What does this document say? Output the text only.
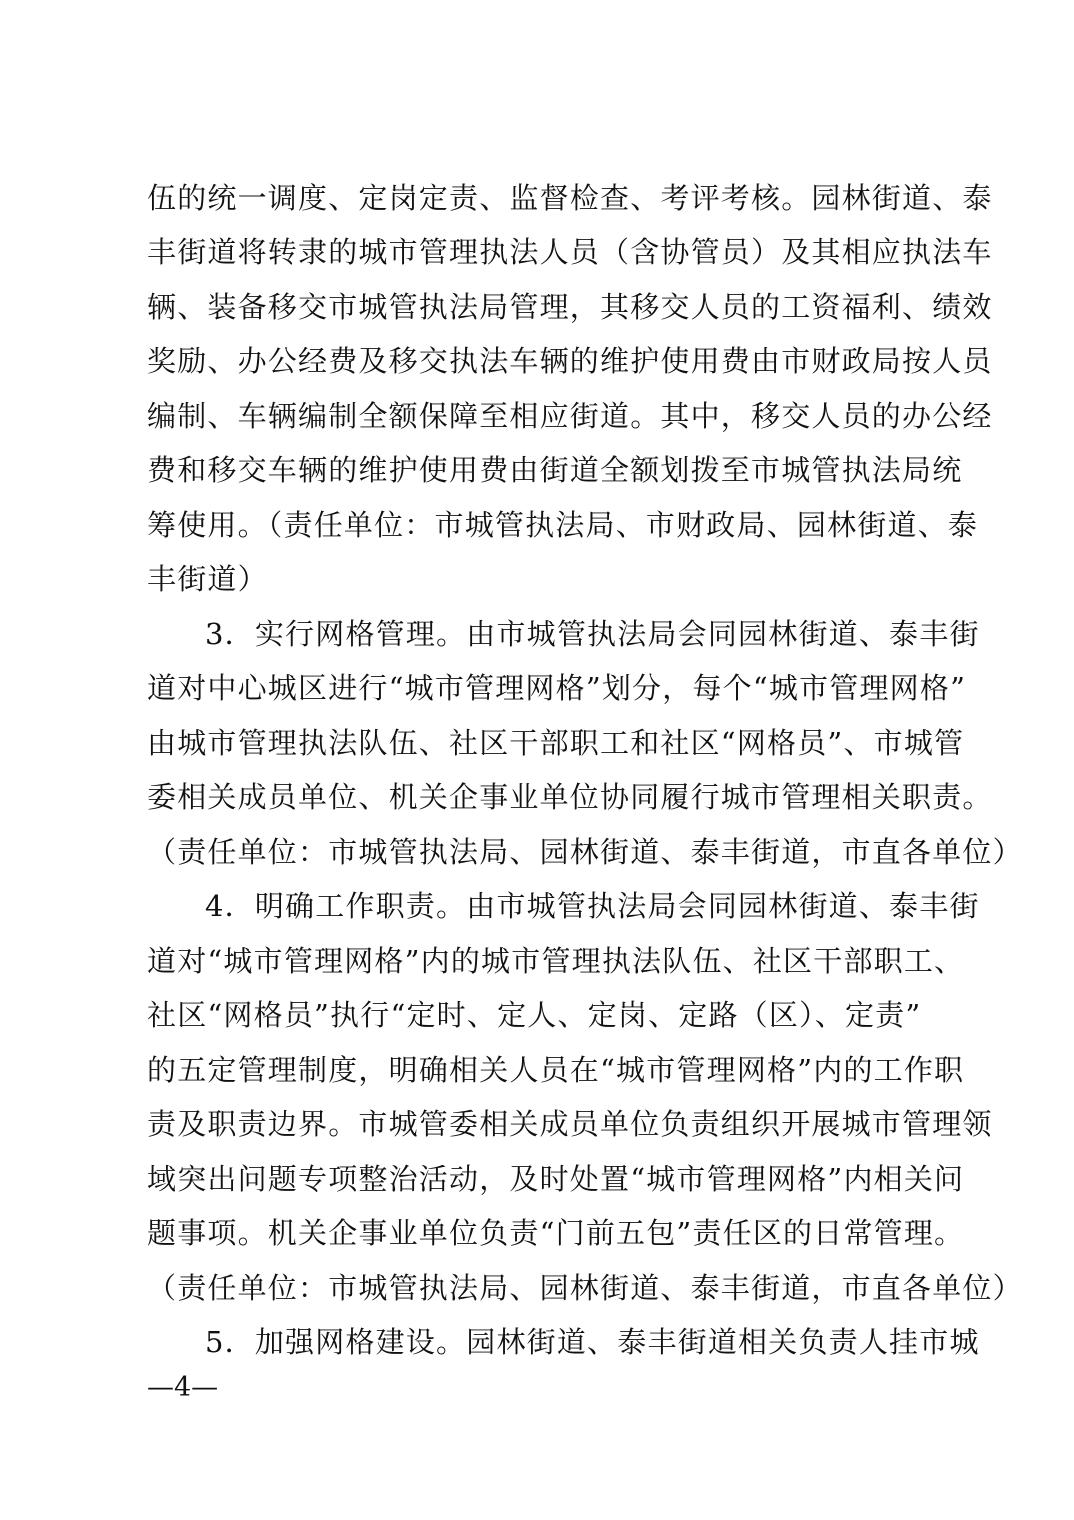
伍的统一调度、定岗定责、监督检查、考评考核。园林街道、泰
丰街道将转隶的城市管理执法人员（含协管员）及其相应执法车
辆、装备移交市城管执法局管理，其移交人员的工资福利、绩效
奖励、办公经费及移交执法车辆的维护使用费由市财政局按人员
编制、车辆编制全额保障至相应街道。其中，移交人员的办公经
费和移交车辆的维护使用费由街道全额划拨至市城管执法局统
筹使用。（责任单位：市城管执法局、市财政局、园林街道、泰
丰街道）
3．实行网格管理。由市城管执法局会同园林街道、泰丰街
道对中心城区进行“城市管理网格”划分，每个“城市管理网格”
由城市管理执法队伍、社区干部职工和社区“网格员”、市城管
委相关成员单位、机关企事业单位协同履行城市管理相关职责。
（责任单位：市城管执法局、园林街道、泰丰街道，市直各单位）
4．明确工作职责。由市城管执法局会同园林街道、泰丰街
道对“城市管理网格”内的城市管理执法队伍、社区干部职工、
社区“网格员”执行“定时、定人、定岗、定路（区）、定责”
的五定管理制度，明确相关人员在“城市管理网格”内的工作职
责及职责边界。市城管委相关成员单位负责组织开展城市管理领
域突出问题专项整治活动，及时处置“城市管理网格”内相关问
题事项。机关企事业单位负责“门前五包”责任区的日常管理。
（责任单位：市城管执法局、园林街道、泰丰街道，市直各单位）
5．加强网格建设。园林街道、泰丰街道相关负责人挂市城
—4—
